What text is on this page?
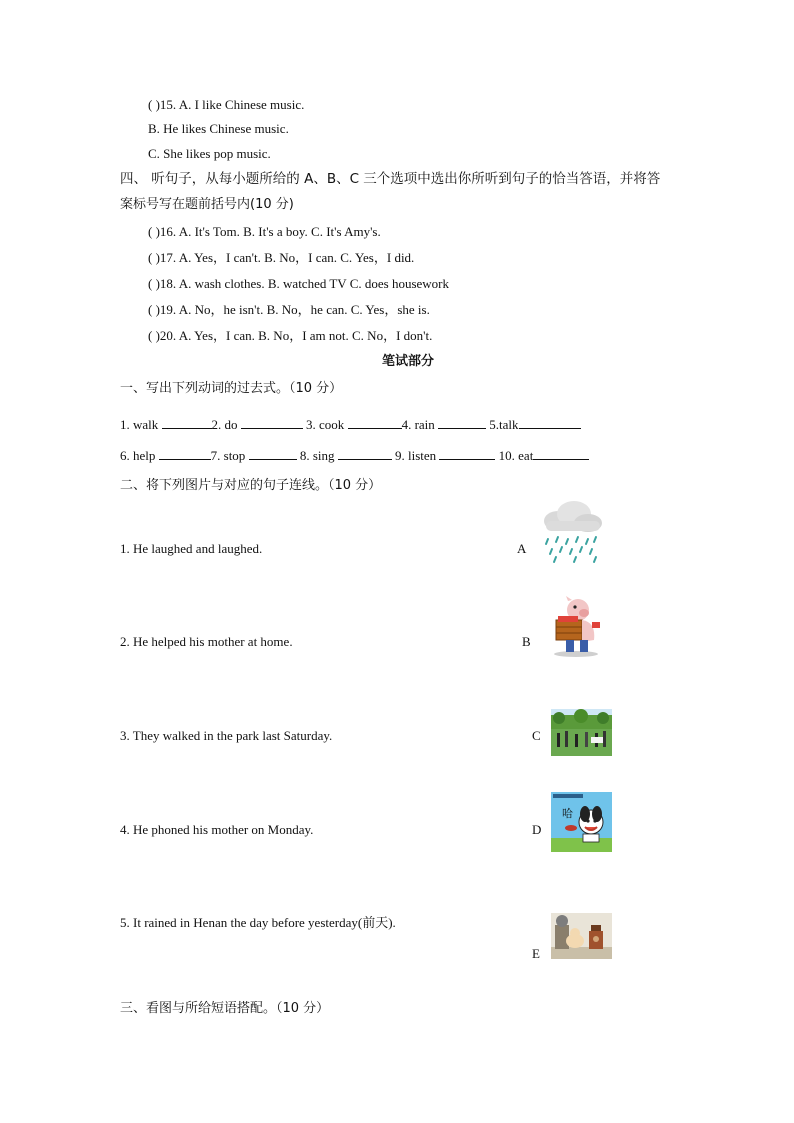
( )15. A. I like Chinese music.
B. He likes Chinese music.
C. She likes pop music.
四、 听句子，从每小题所给的 A、B、C 三个选项中选出你所听到句子的恰当答语，并将答
案标号写在题前括号内(10 分)
( )16. A. It's Tom. B. It's a boy. C. It's Amy's.
( )17. A. Yes，I can't. B. No，I can. C. Yes，I did.
( )18. A. wash clothes. B. watched TV C. does housework
( )19. A. No，he isn't. B. No，he can. C. Yes，she is.
( )20. A. Yes，I can. B. No，I am not. C. No，I don't.
笔试部分
一、写出下列动词的过去式。（10 分）
1. walk	2. do	3. cook	4. rain	5.talk
6. help	7. stop	8. sing	9. listen	10. eat
二、将下列图片与对应的句子连线。（10 分）
1. He laughed and laughed.
2. He helped his mother at home.
3. They walked in the park last Saturday.
4. He phoned his mother on Monday.
5. It rained in Henan the day before yesterday(前天).
A
B
C
D
E
哈
三、看图与所给短语搭配。（10 分）
